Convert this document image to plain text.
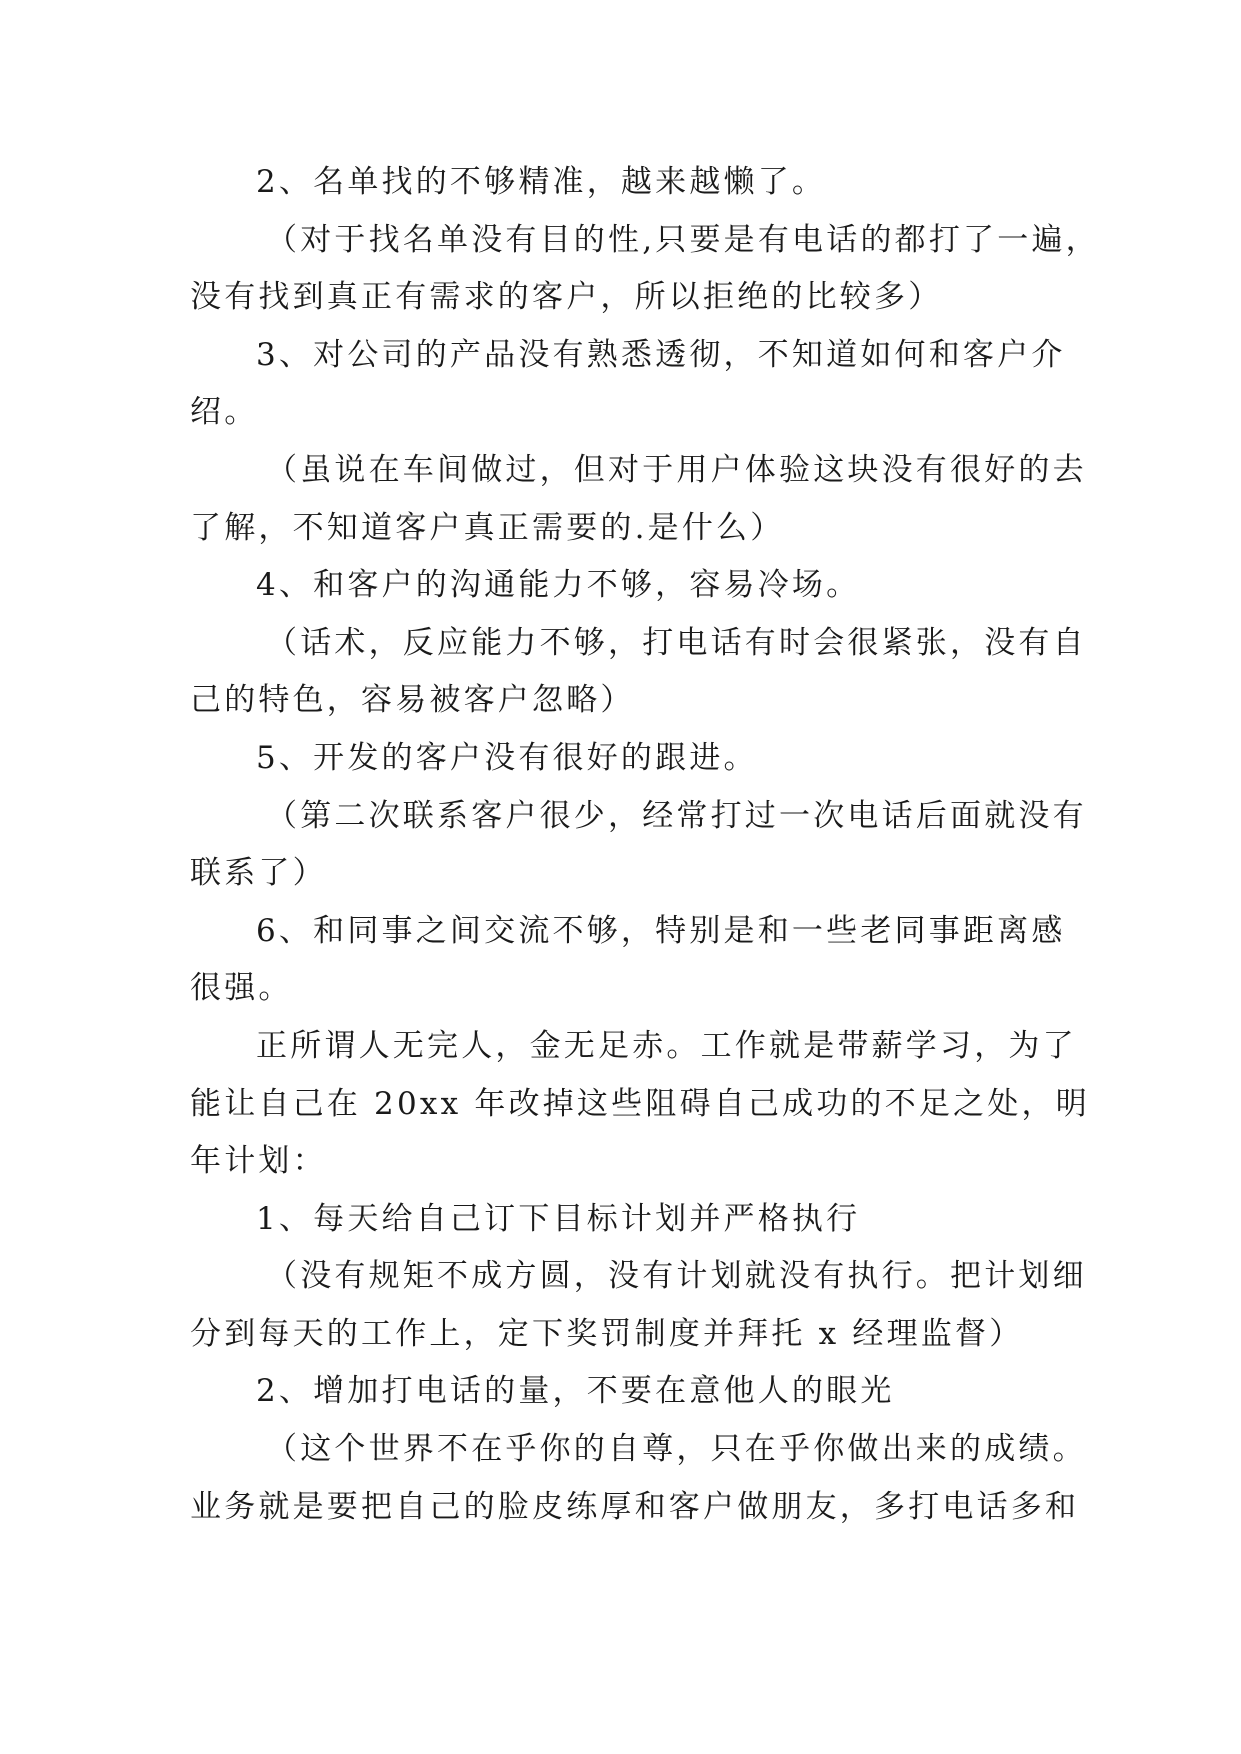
2、名单找的不够精准，越来越懒了。
（对于找名单没有目的性,只要是有电话的都打了一遍，
没有找到真正有需求的客户，所以拒绝的比较多）
3、对公司的产品没有熟悉透彻，不知道如何和客户介
绍。
（虽说在车间做过，但对于用户体验这块没有很好的去
了解，不知道客户真正需要的.是什么）
4、和客户的沟通能力不够，容易冷场。
（话术，反应能力不够，打电话有时会很紧张，没有自
己的特色，容易被客户忽略）
5、开发的客户没有很好的跟进。
（第二次联系客户很少，经常打过一次电话后面就没有
联系了）
6、和同事之间交流不够，特别是和一些老同事距离感
很强。
正所谓人无完人，金无足赤。工作就是带薪学习，为了
能让自己在 20xx 年改掉这些阻碍自己成功的不足之处，明
年计划：
1、每天给自己订下目标计划并严格执行
（没有规矩不成方圆，没有计划就没有执行。把计划细
分到每天的工作上，定下奖罚制度并拜托 x 经理监督）
2、增加打电话的量，不要在意他人的眼光
（这个世界不在乎你的自尊，只在乎你做出来的成绩。
业务就是要把自己的脸皮练厚和客户做朋友，多打电话多和
